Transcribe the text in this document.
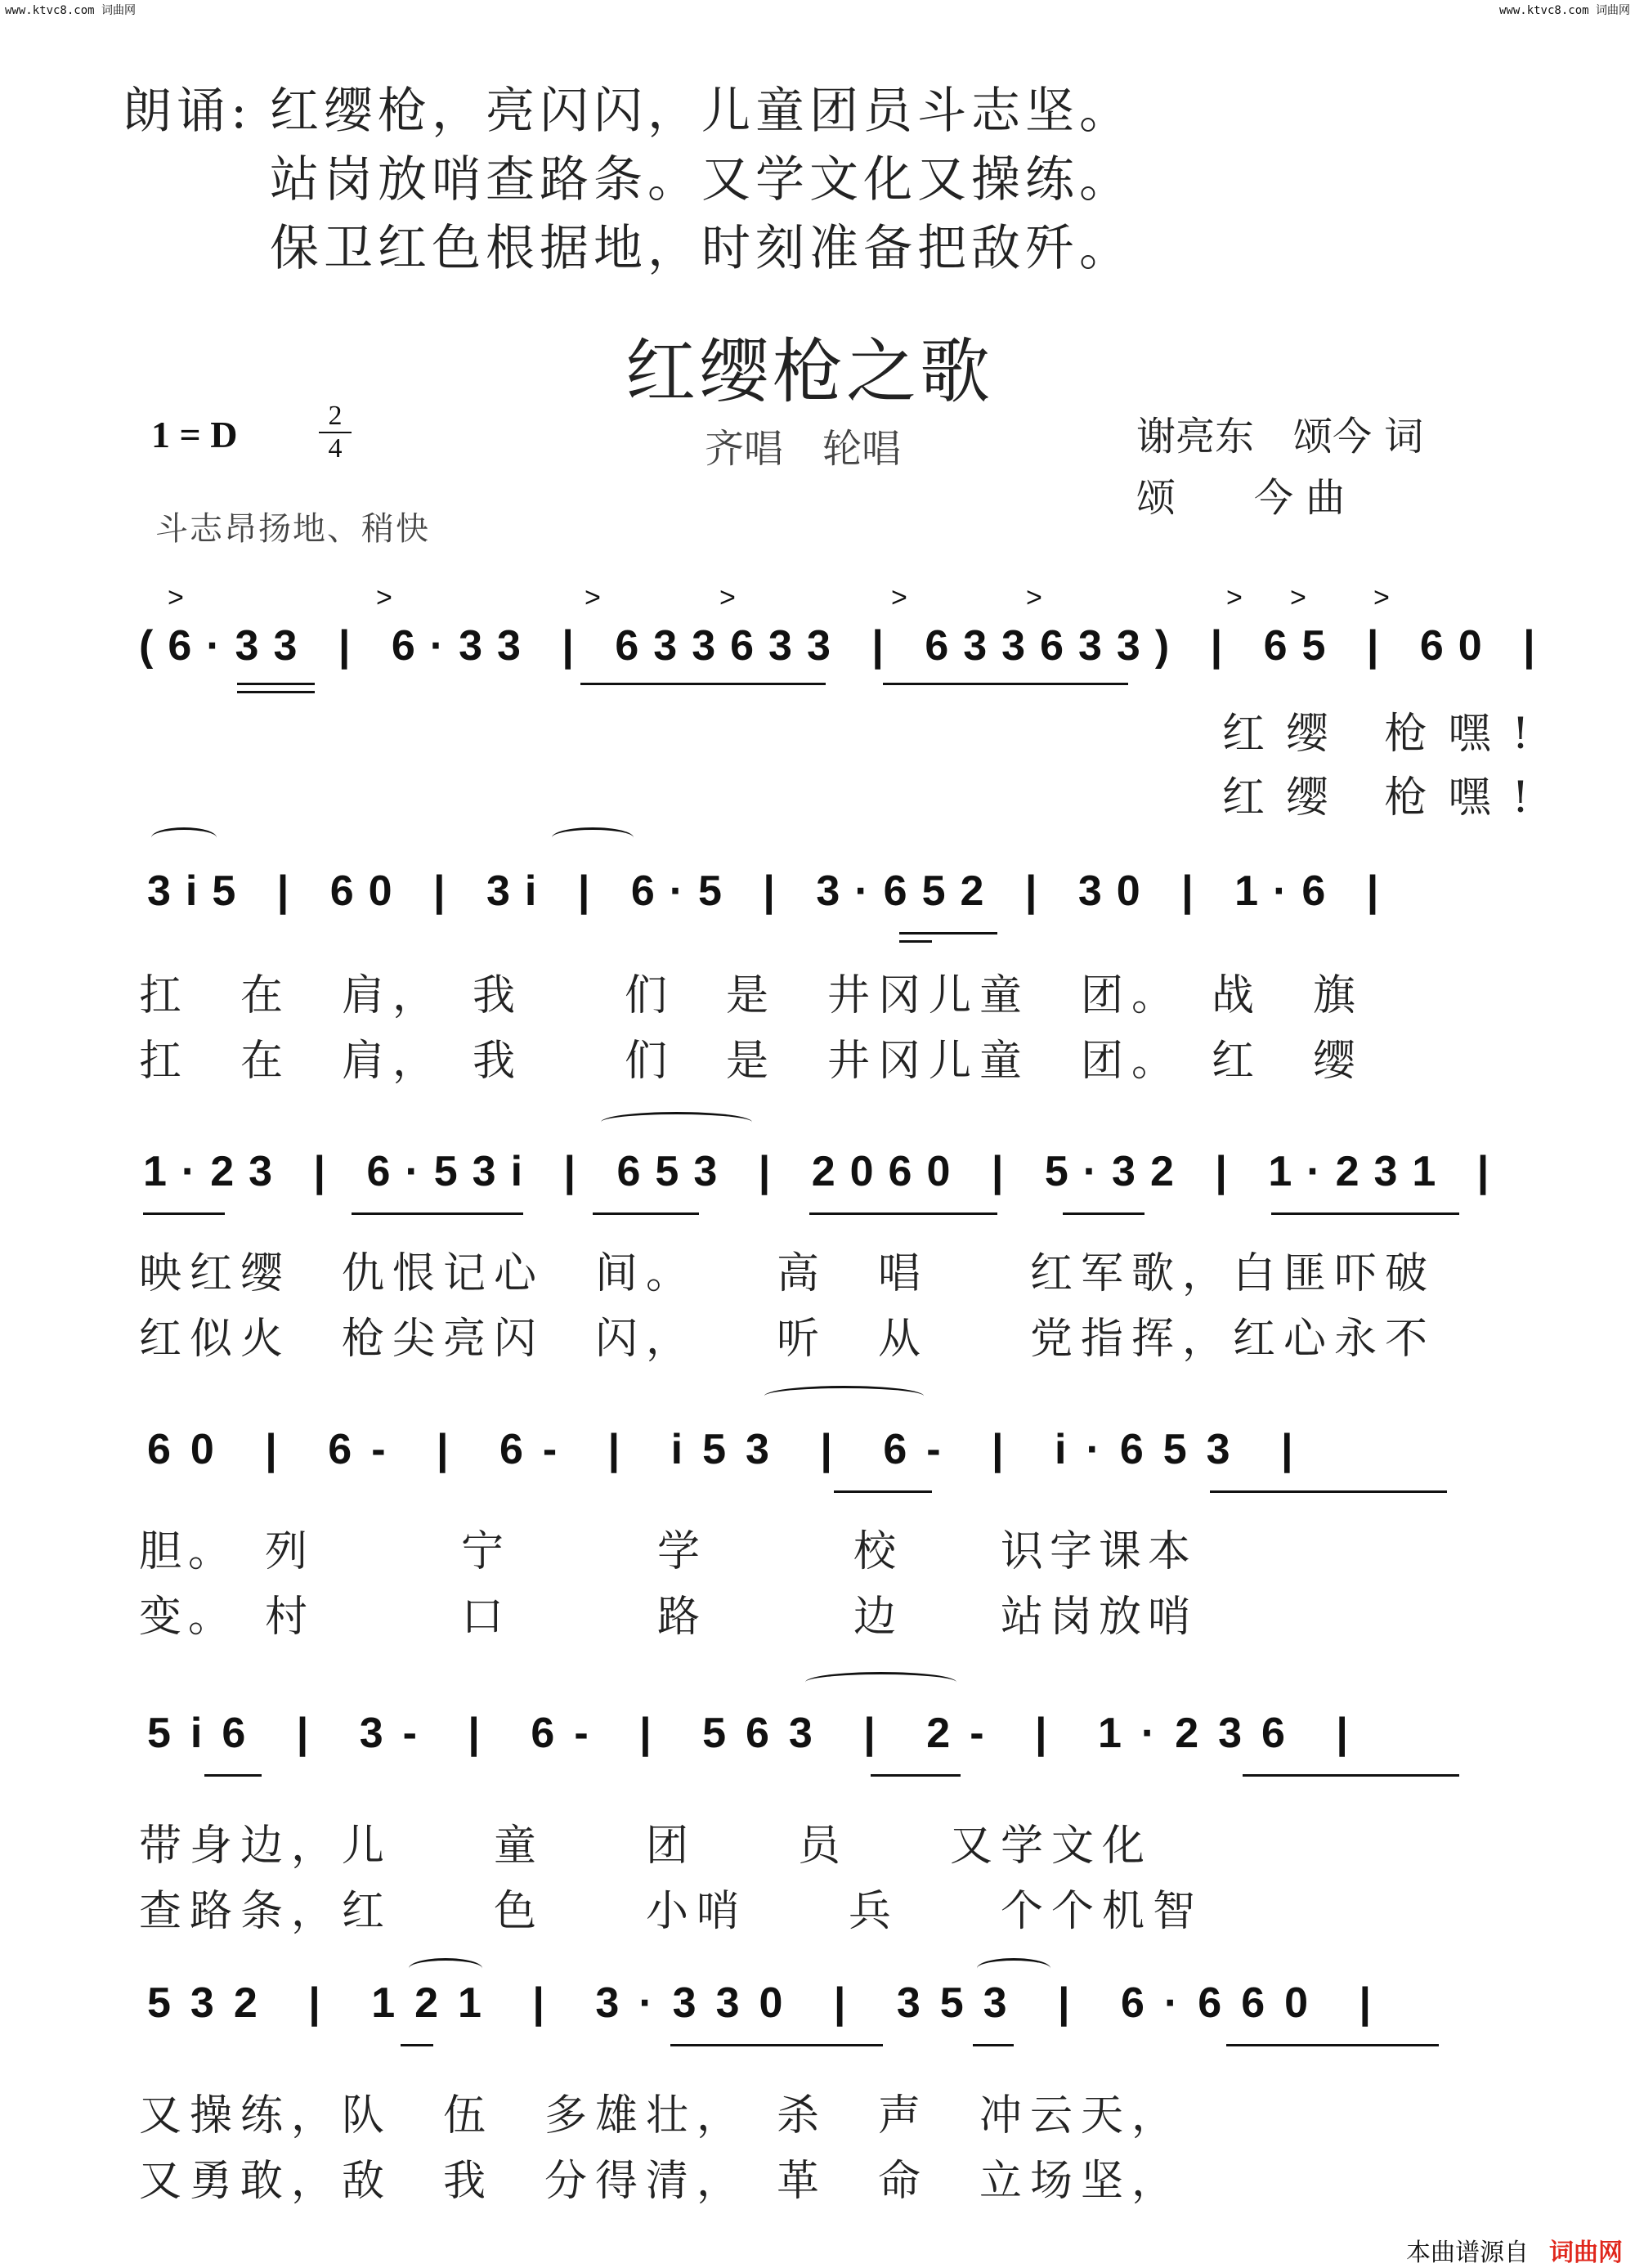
www.ktvc8.com 词曲网	www.ktvc8.com 词曲网
朗诵: 红缨枪，亮闪闪，儿童团员斗志坚。
站岗放哨查路条。又学文化又操练。
保卫红色根据地，时刻准备把敌歼。
红缨枪之歌
1 = D	2
4	齐唱　轮唱	谢亮东　颂今 词
颂　　今 曲
斗志昂扬地、稍快
>	>	>	>	>	>	> > >
(6·33 | 6·33 | 633633 | 633633) | 65 | 60 |
红缨 枪嘿!
红缨 枪嘿!
3i5 | 60 | 3i | 6·5 | 3·652 | 30 | 1·6 |
扛　在　肩，　我　　们　是　井冈儿童　团。　战　旗
扛　在　肩，　我　　们　是　井冈儿童　团。　红　缨
1·23 | 6·53i | 653 | 2060 | 5·32 | 1·231 |
映红缨　仇恨记心　间。　　高　唱　　红军歌，白匪吓破
红似火　枪尖亮闪　闪，　　听　从　　党指挥，红心永不
60 | 6- | 6- | i53 | 6- | i·653 |
胆。　列　　　宁　　　学　　　校　　识字课本
变。　村　　　口　　　路　　　边　　站岗放哨
5i6 | 3- | 6- | 563 | 2- | 1·236 |
带身边，儿　　童　　团　　员　　又学文化
查路条，红　　色　　小哨　　兵　　个个机智
532 | 121 | 3·330 | 353 | 6·660 |
又操练，队　伍　多雄壮，　杀　声　冲云天，
又勇敢，敌　我　分得清，　革　命　立场坚，
本曲谱源自 词曲网
